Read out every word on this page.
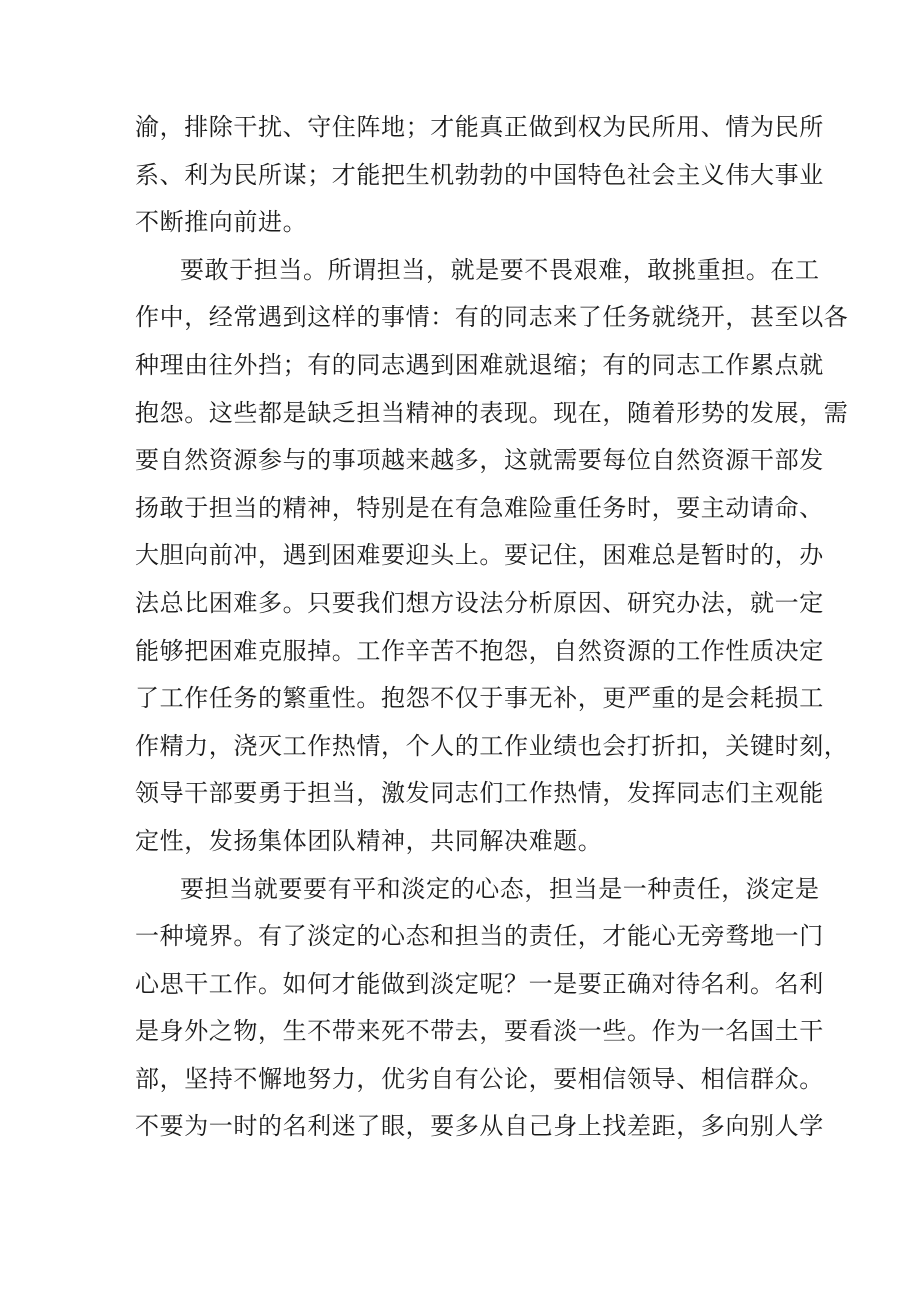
渝，排除干扰、守住阵地；才能真正做到权为民所用、情为民所
系、利为民所谋；才能把生机勃勃的中国特色社会主义伟大事业
不断推向前进。
要敢于担当。所谓担当，就是要不畏艰难，敢挑重担。在工
作中，经常遇到这样的事情：有的同志来了任务就绕开，甚至以各
种理由往外挡；有的同志遇到困难就退缩；有的同志工作累点就
抱怨。这些都是缺乏担当精神的表现。现在，随着形势的发展，需
要自然资源参与的事项越来越多，这就需要每位自然资源干部发
扬敢于担当的精神，特别是在有急难险重任务时，要主动请命、
大胆向前冲，遇到困难要迎头上。要记住，困难总是暂时的，办
法总比困难多。只要我们想方设法分析原因、研究办法，就一定
能够把困难克服掉。工作辛苦不抱怨，自然资源的工作性质决定
了工作任务的繁重性。抱怨不仅于事无补，更严重的是会耗损工
作精力，浇灭工作热情，个人的工作业绩也会打折扣，关键时刻，
领导干部要勇于担当，激发同志们工作热情，发挥同志们主观能
定性，发扬集体团队精神，共同解决难题。
要担当就要要有平和淡定的心态，担当是一种责任，淡定是
一种境界。有了淡定的心态和担当的责任，才能心无旁骛地一门
心思干工作。如何才能做到淡定呢？一是要正确对待名利。名利
是身外之物，生不带来死不带去，要看淡一些。作为一名国土干
部，坚持不懈地努力，优劣自有公论，要相信领导、相信群众。
不要为一时的名利迷了眼，要多从自己身上找差距，多向别人学
